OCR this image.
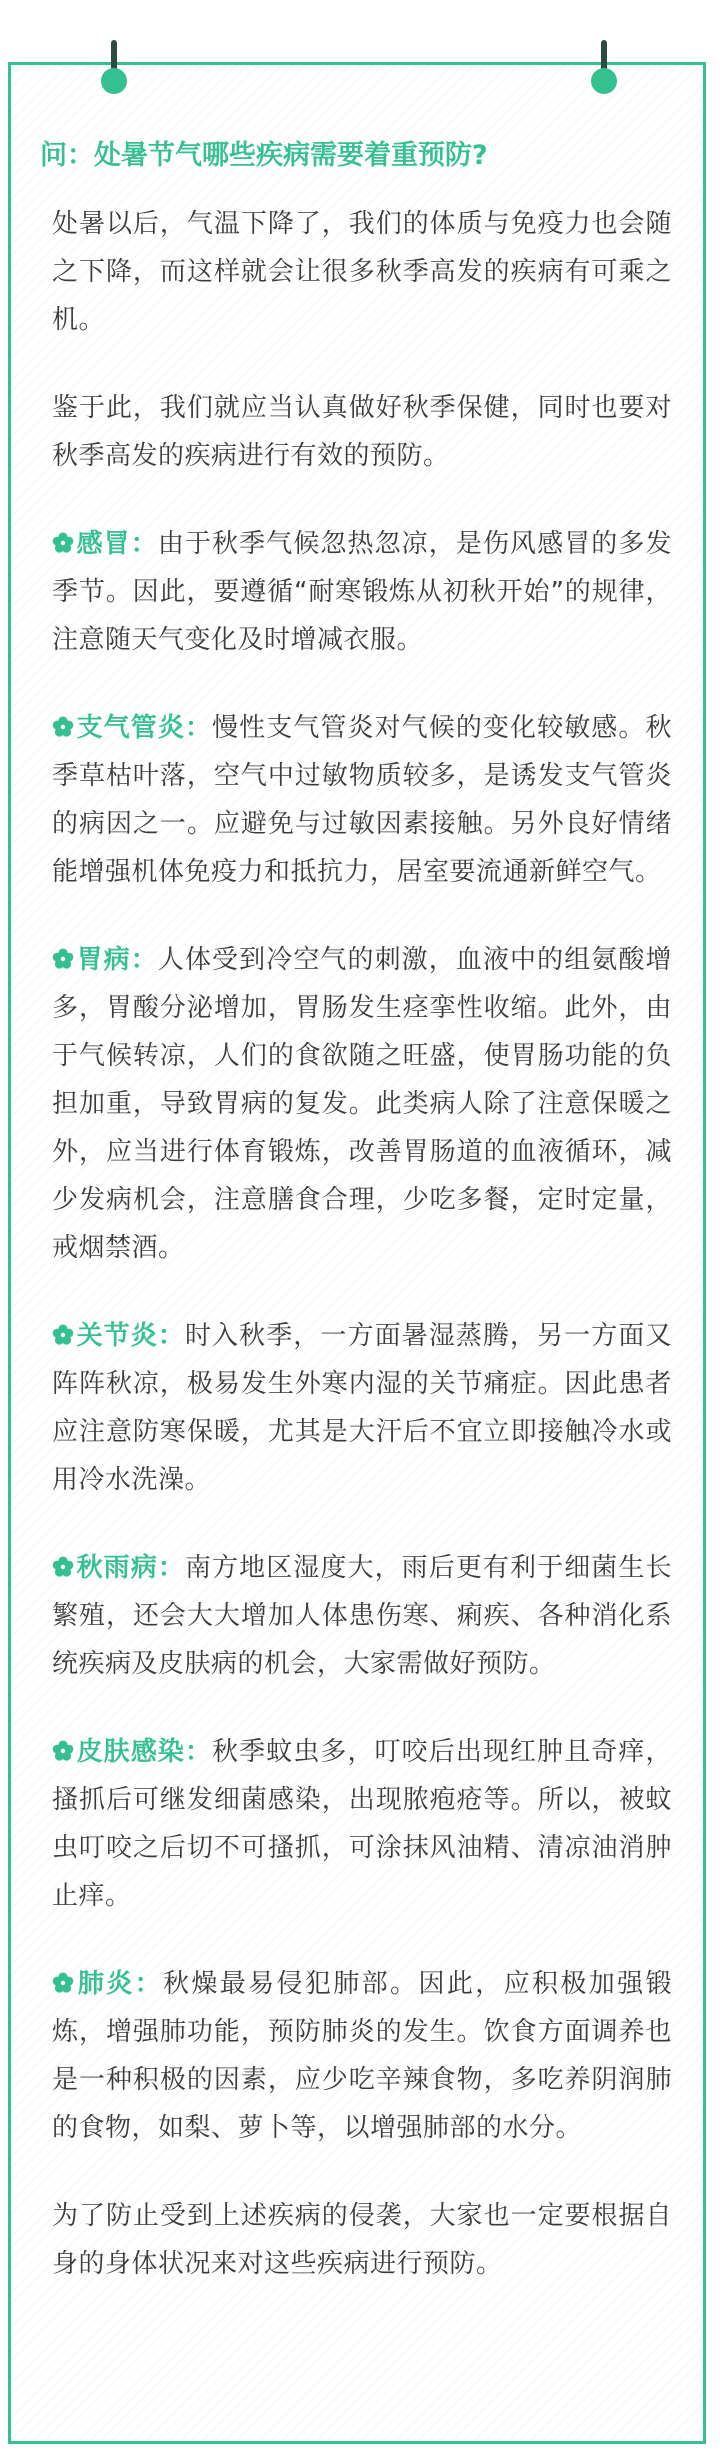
问：处暑节气哪些疾病需要着重预防?

处暑以后，气温下降了，我们的体质与免疫力也会随之下降，而这样就会让很多秋季高发的疾病有可乘之机。

鉴于此，我们就应当认真做好秋季保健，同时也要对秋季高发的疾病进行有效的预防。

感冒：由于秋季气候忽热忽凉，是伤风感冒的多发季节。因此，要遵循“耐寒锻炼从初秋开始”的规律，注意随天气变化及时增减衣服。

支气管炎：慢性支气管炎对气候的变化较敏感。秋季草枯叶落，空气中过敏物质较多，是诱发支气管炎的病因之一。应避免与过敏因素接触。另外良好情绪能增强机体免疫力和抵抗力，居室要流通新鲜空气。

胃病：人体受到冷空气的刺激，血液中的组氨酸增多，胃酸分泌增加，胃肠发生痉挛性收缩。此外，由于气候转凉，人们的食欲随之旺盛，使胃肠功能的负担加重，导致胃病的复发。此类病人除了注意保暖之外，应当进行体育锻炼，改善胃肠道的血液循环，减少发病机会，注意膳食合理，少吃多餐，定时定量，戒烟禁酒。

关节炎：时入秋季，一方面暑湿蒸腾，另一方面又阵阵秋凉，极易发生外寒内湿的关节痛症。因此患者应注意防寒保暖，尤其是大汗后不宜立即接触冷水或用冷水洗澡。

秋雨病：南方地区湿度大，雨后更有利于细菌生长繁殖，还会大大增加人体患伤寒、痢疾、各种消化系统疾病及皮肤病的机会，大家需做好预防。

皮肤感染：秋季蚊虫多，叮咬后出现红肿且奇痒，搔抓后可继发细菌感染，出现脓疱疮等。所以，被蚊虫叮咬之后切不可搔抓，可涂抹风油精、清凉油消肿止痒。

肺炎：秋燥最易侵犯肺部。因此，应积极加强锻炼，增强肺功能，预防肺炎的发生。饮食方面调养也是一种积极的因素，应少吃辛辣食物，多吃养阴润肺的食物，如梨、萝卜等，以增强肺部的水分。

为了防止受到上述疾病的侵袭，大家也一定要根据自身的身体状况来对这些疾病进行预防。
